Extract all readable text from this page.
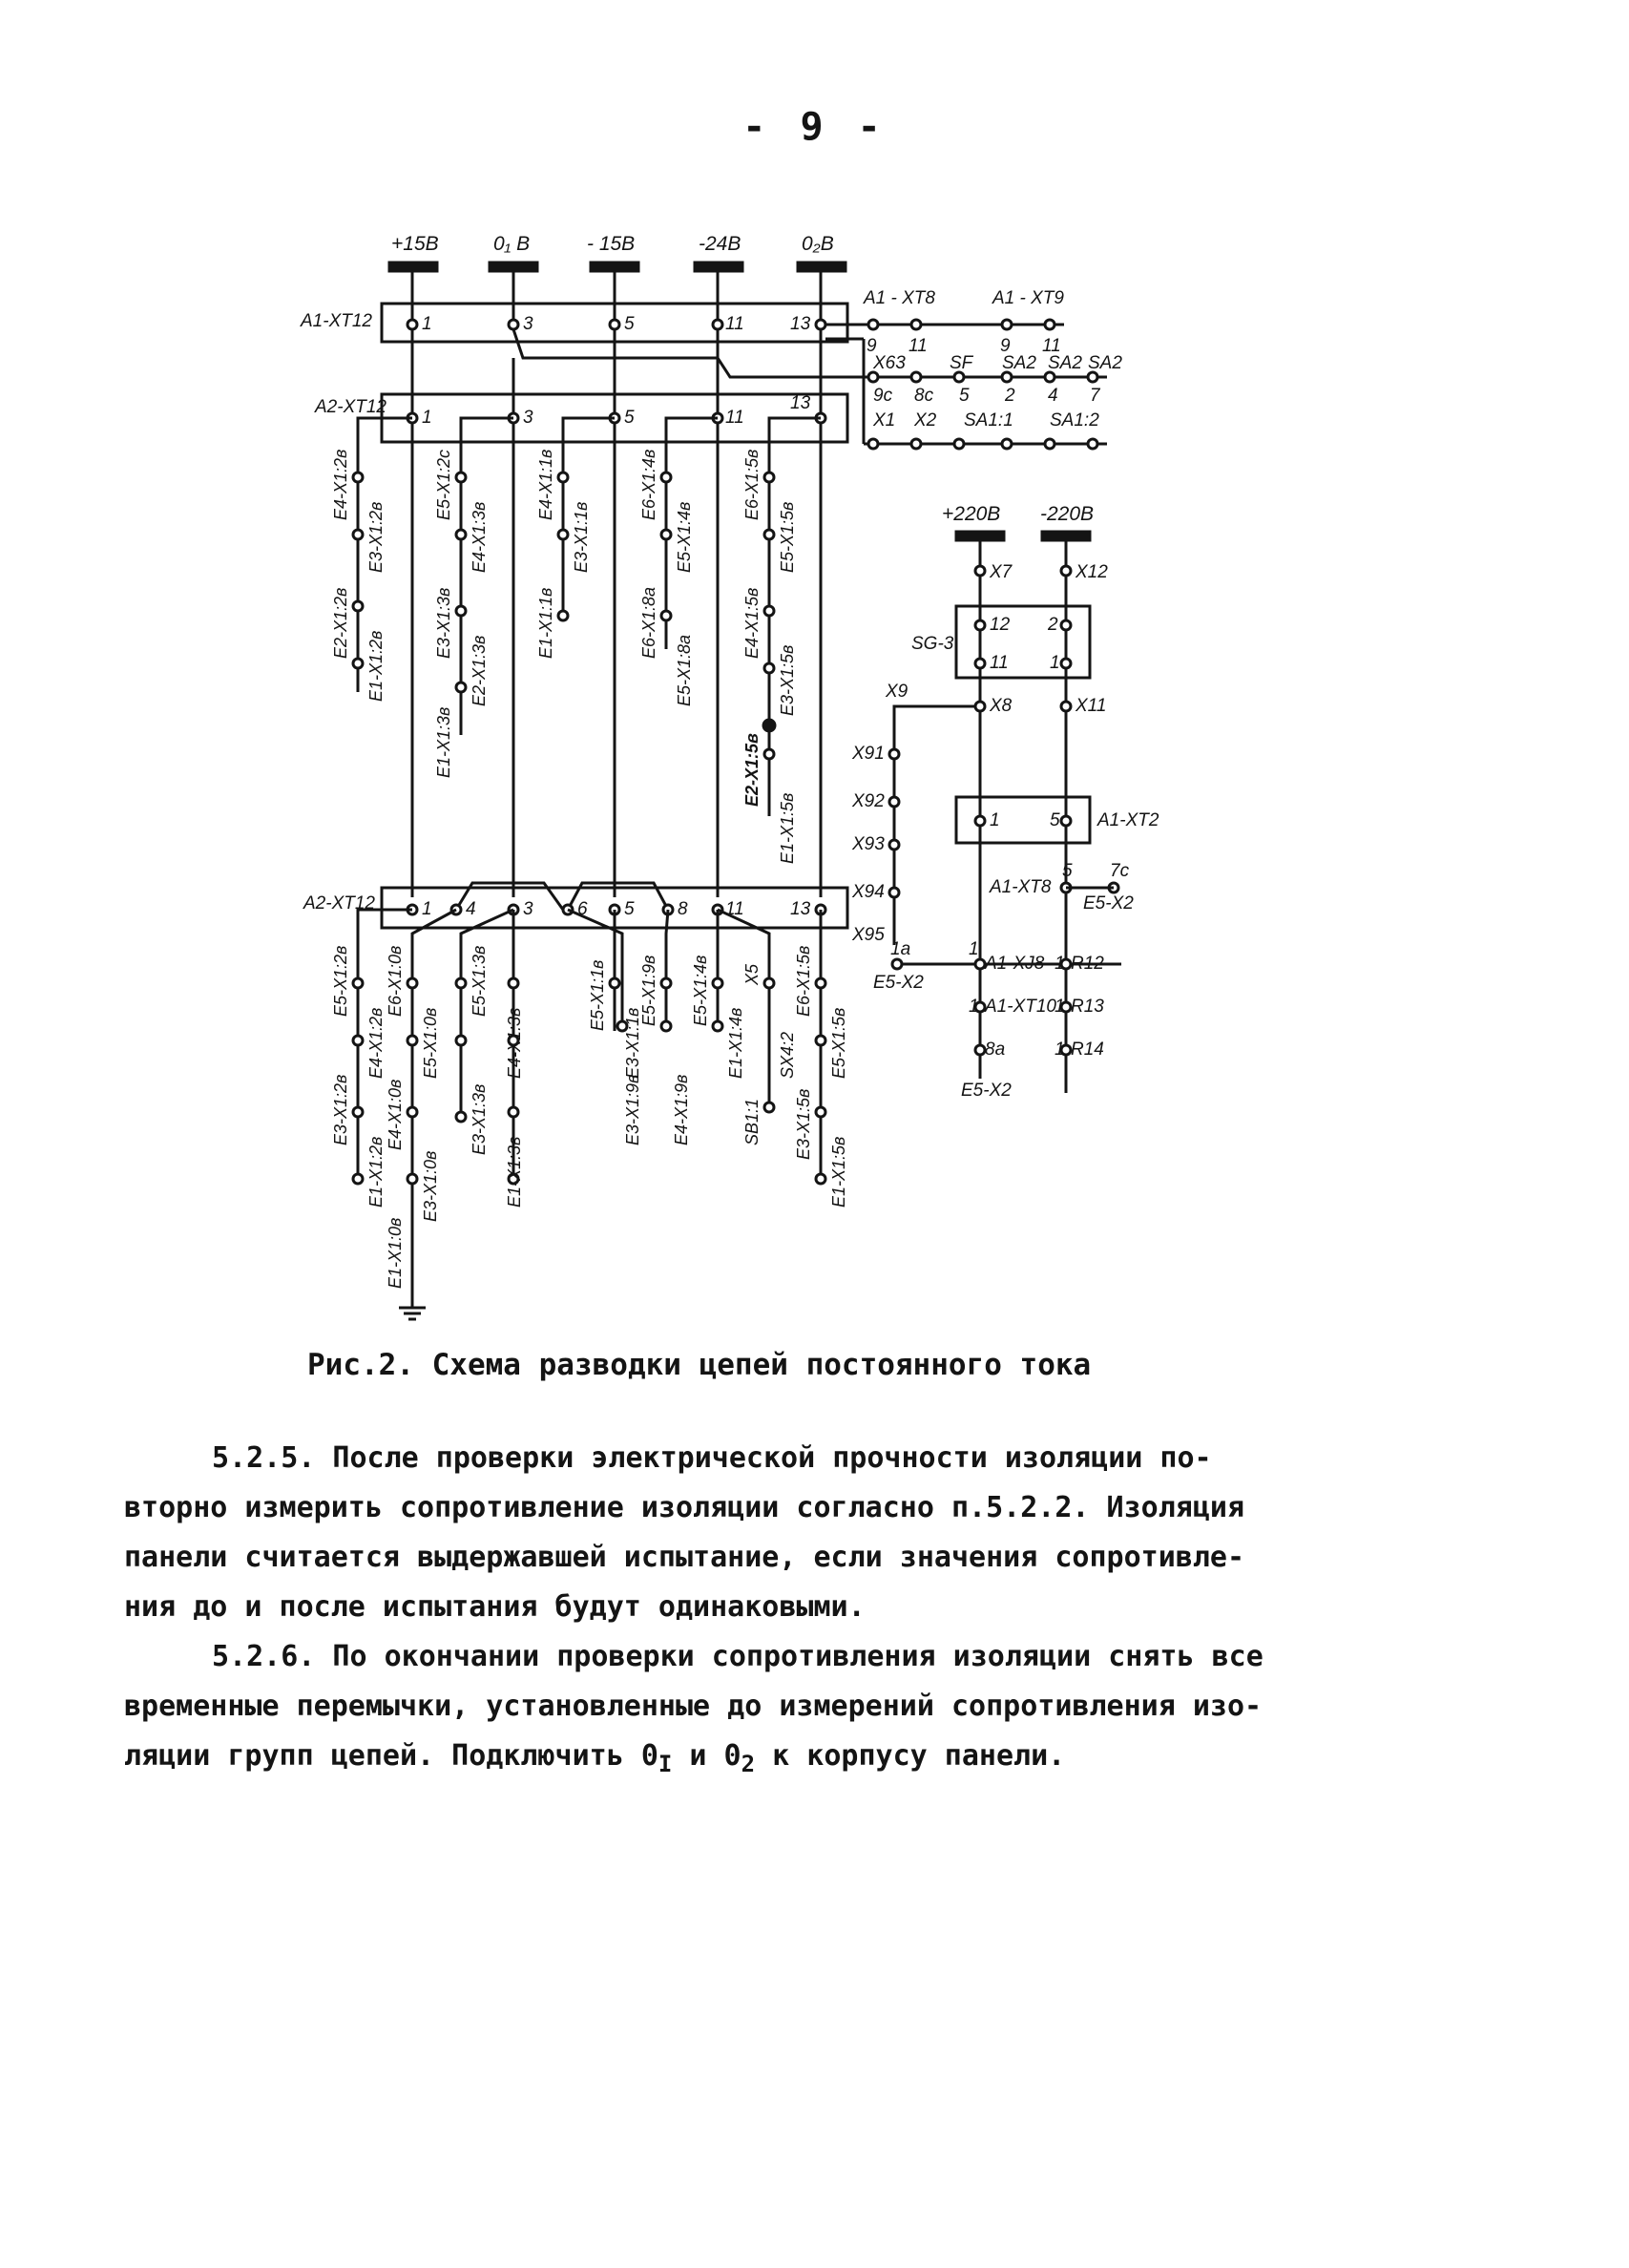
- 9 -
+15В	0₁ В	- 15В	-24В	0₂В
А1-ХТ12	1	3	5	11	13
А2-ХТ12
1	3	5	11
13
Е4-Х1:2в
Е3-Х1:2в
Е2-Х1:2в
Е1-Х1:2в
Е5-Х1:2с
Е4-Х1:3в
Е3-Х1:3в
Е2-Х1:3в
Е1-Х1:3в
Е4-Х1:1в
Е3-Х1:1в
Е1-Х1:1в
Е6-Х1:4в
Е5-Х1:4в
Е6-Х1:8а
Е5-Х1:8а
Е6-Х1:5в
Е5-Х1:5в
Е4-Х1:5в
Е3-Х1:5в
Е2-Х1:5в
Е1-Х1:5в
А2-ХТ12	1 4	3 6 5 8 11	13
Е5-Х1:2в
Е4-Х1:2в
Е3-Х1:2в
Е1-Х1:2в
Е6-Х1:0в
Е5-Х1:0в
Е4-Х1:0в
Е3-Х1:0в
Е1-Х1:0в
Е5-Х1:3в
Е4-Х1:3в
Е3-Х1:3в
Е1-Х1:3в
Е5-Х1:1в
Е3-Х1:1в
Е3-Х1:9в
Е5-Х1:9в
Е4-Х1:9в
Е5-Х1:4в
Е1-Х1:4в
Х5
SХ4:2
SВ1:1
Е6-Х1:5в
Е5-Х1:5в
Е3-Х1:5в
Е1-Х1:5в
А1 - ХТ8	А1 - ХТ9
9 11	9 11
Х63 SF SA2 SA2 SA2
9с 8с 5 2 4 7
Х1 Х2 SA1:1 SA1:2
+220В -220В
SG-3
А1-ХТ2
Х7	Х12
12 2
11 1
Х9
Х8	Х11
Х91
Х92
Х93
Х94
Х95
1	5
5 7с
А1-ХТ8
Е5-Х2
1а
Е5-Х2
1
А1-ХJ8 1 R12
1 А1-ХТ10
1 R13
8а	1 R14
Е5-Х2
Рис.2. Схема разводки цепей постоянного тока
5.2.5. После проверки электрической прочности изоляции по-
вторно измерить сопротивление изоляции согласно п.5.2.2. Изоляция
панели считается выдержавшей испытание, если значения сопротивле-
ния до и после испытания будут одинаковыми.
5.2.6. По окончании проверки сопротивления изоляции снять все
временные перемычки, установленные до измерений сопротивления изо-
ляции групп цепей. Подключить $0_I$ и $0_2$ к корпусу панели.
